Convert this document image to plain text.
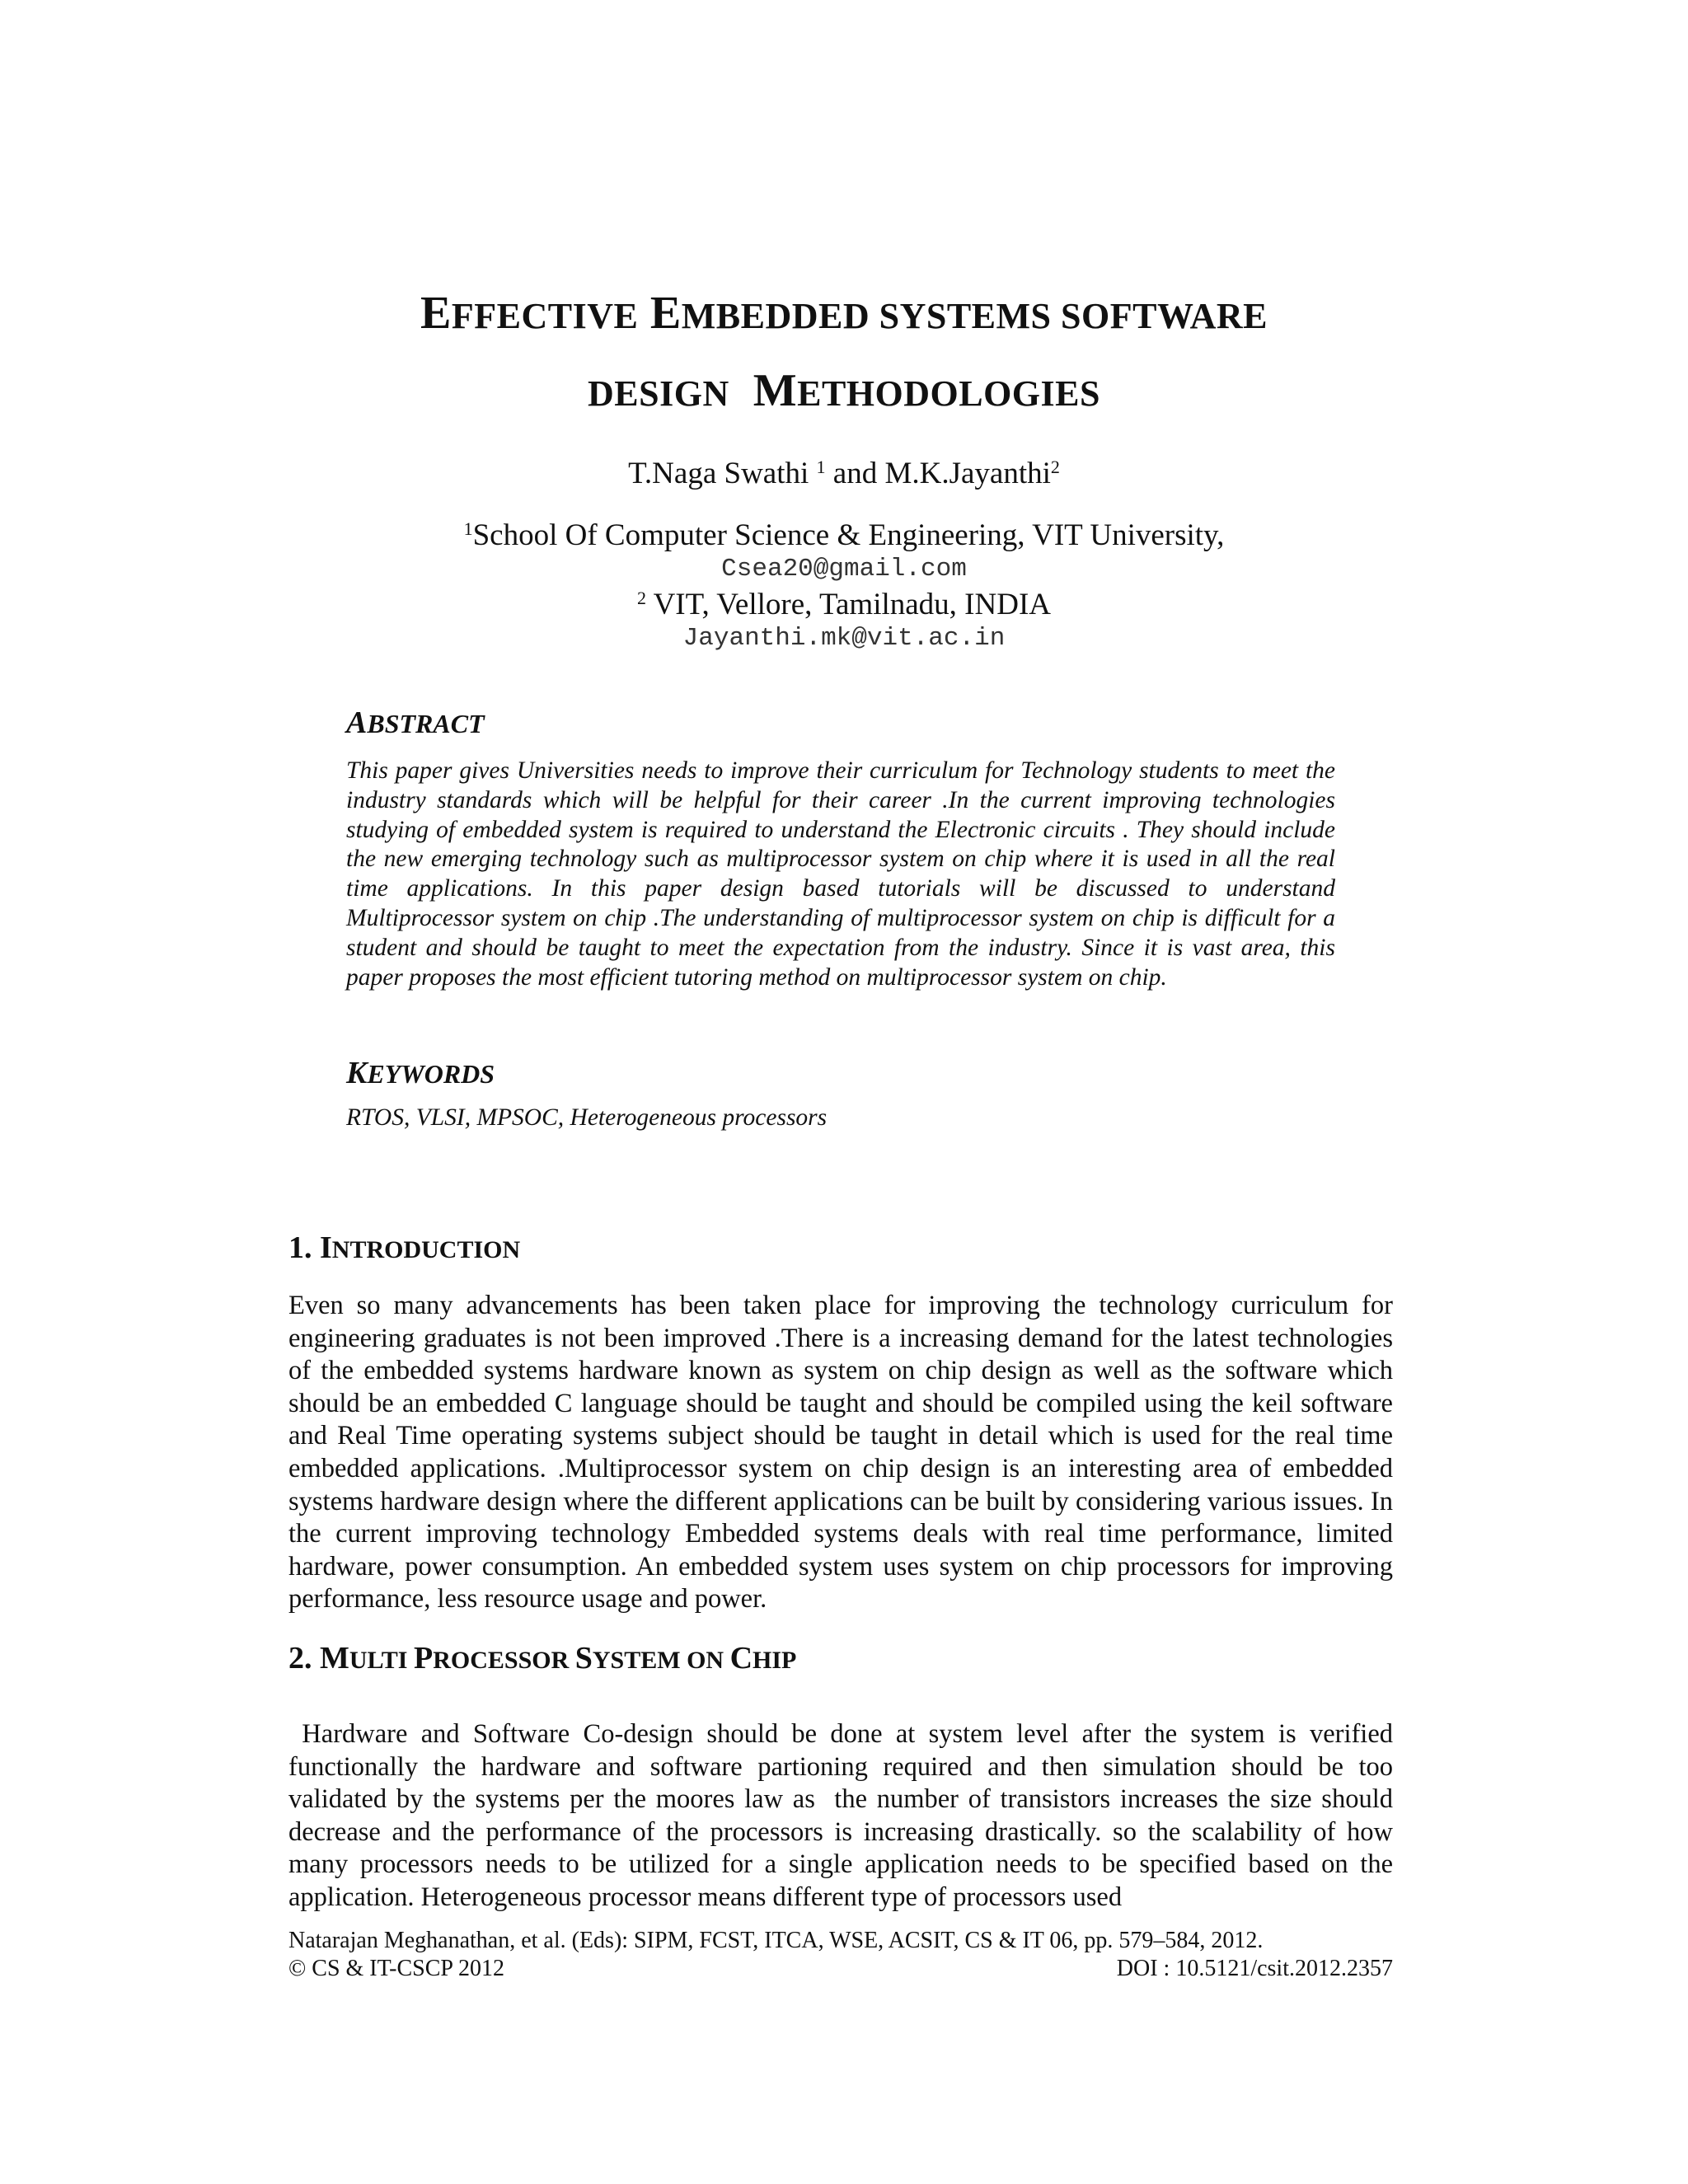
EFFECTIVE EMBEDDED SYSTEMS SOFTWARE
DESIGN METHODOLOGIES
T.Naga Swathi $^1$ and M.K.Jayanthi$^2$
$^1$School Of Computer Science & Engineering, VIT University,
Csea20@gmail.com
$^2$ VIT, Vellore, Tamilnadu, INDIA
Jayanthi.mk@vit.ac.in
ABSTRACT
This paper gives Universities needs to improve their curriculum for Technology students to meet the industry standards which will be helpful for their career .In the current improving technologies studying of embedded system is required to understand the Electronic circuits . They should include the new emerging technology such as multiprocessor system on chip where it is used in all the real time applications. In this paper design based tutorials will be discussed to understand Multiprocessor system on chip .The understanding of multiprocessor system on chip is difficult for a student and should be taught to meet the expectation from the industry. Since it is vast area, this paper proposes the most efficient tutoring method on multiprocessor system on chip.
KEYWORDS
RTOS, VLSI, MPSOC, Heterogeneous processors
1. INTRODUCTION
Even so many advancements has been taken place for improving the technology curriculum for engineering graduates is not been improved .There is a increasing demand for the latest technologies of the embedded systems hardware known as system on chip design as well as the software which should be an embedded C language should be taught and should be compiled using the keil software and Real Time operating systems subject should be taught in detail which is used for the real time embedded applications. .Multiprocessor system on chip design is an interesting area of embedded systems hardware design where the different applications can be built by considering various issues. In the current improving technology Embedded systems deals with real time performance, limited hardware, power consumption. An embedded system uses system on chip processors for improving performance, less resource usage and power.
2. MULTI PROCESSOR SYSTEM ON CHIP
Hardware and Software Co-design should be done at system level after the system is verified functionally the hardware and software partioning required and then simulation should be too validated by the systems per the moores law as  the number of transistors increases the size should decrease and the performance of the processors is increasing drastically. so the scalability of how many processors needs to be utilized for a single application needs to be specified based on the application. Heterogeneous processor means different type of processors used
Natarajan Meghanathan, et al. (Eds): SIPM, FCST, ITCA, WSE, ACSIT, CS & IT 06, pp. 579–584, 2012.
© CS & IT-CSCP 2012	DOI : 10.5121/csit.2012.2357
